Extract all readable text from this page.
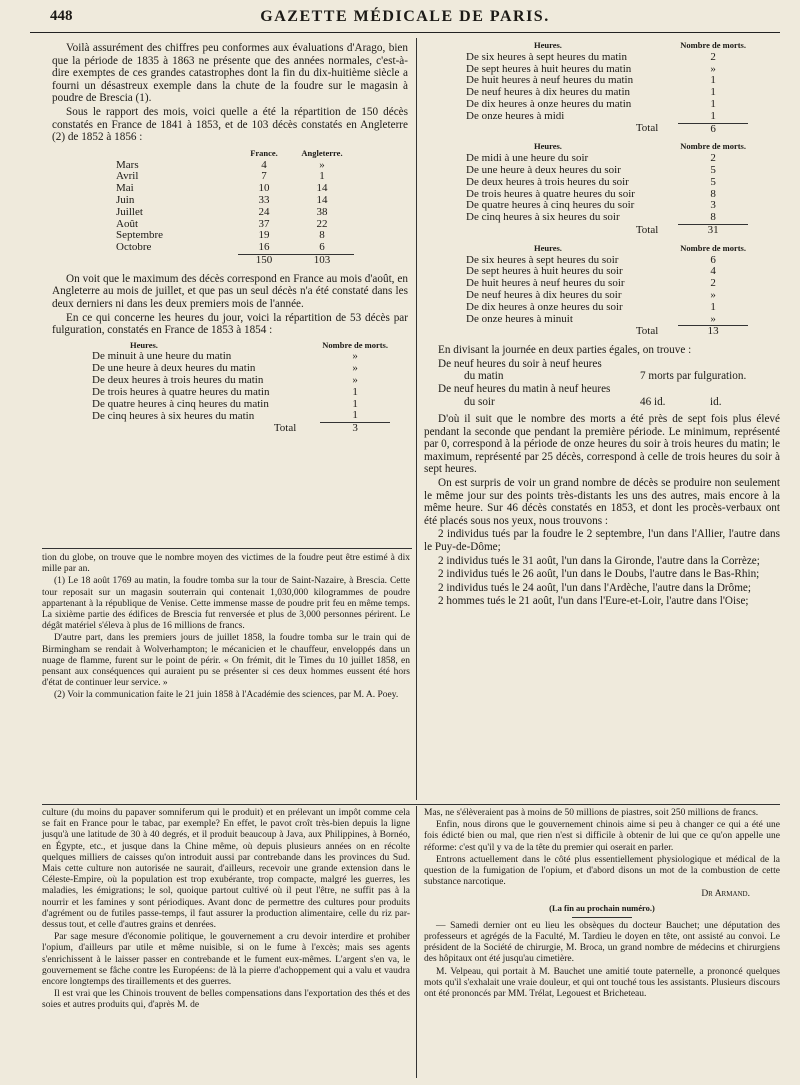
448	GAZETTE MÉDICALE DE PARIS.

Voilà assurément des chiffres peu conformes aux évaluations d'Arago, bien que la période de 1835 à 1863 ne présente que des années normales, c'est-à-dire exemptes de ces grandes catastrophes dont la fin du dix-huitième siècle a fourni un désastreux exemple dans la chute de la foudre sur le magasin à poudre de Brescia (1).

Sous le rapport des mois, voici quelle a été la répartition de 150 décès constatés en France de 1841 à 1853, et de 103 décès constatés en Angleterre (2) de 1852 à 1856 :

	France.	Angleterre.
Mars	4	»
Avril	7	1
Mai	10	14
Juin	33	14
Juillet	24	38
Août	37	22
Septembre	19	8
Octobre	16	6
	150	103

On voit que le maximum des décès correspond en France au mois d'août, en Angleterre au mois de juillet, et que pas un seul décès n'a été constaté dans les deux derniers ni dans les deux premiers mois de l'année.

En ce qui concerne les heures du jour, voici la répartition de 53 décès par fulguration, constatés en France de 1853 à 1854 :

Heures.	Nombre de morts.
De minuit à une heure du matin	»
De une heure à deux heures du matin	»
De deux heures à trois heures du matin	»
De trois heures à quatre heures du matin	1
De quatre heures à cinq heures du matin	1
De cinq heures à six heures du matin	1
Total	3

tion du globe, on trouve que le nombre moyen des victimes de la foudre peut être estimé à dix mille par an.

(1) Le 18 août 1769 au matin, la foudre tomba sur la tour de Saint-Nazaire, à Brescia. Cette tour reposait sur un magasin souterrain qui contenait 1,030,000 kilogrammes de poudre appartenant à la république de Venise. Cette immense masse de poudre prit feu en même temps. La sixième partie des édifices de Brescia fut renversée et plus de 3,000 personnes périrent. Le dégât matériel s'éleva à plus de 16 millions de francs.

D'autre part, dans les premiers jours de juillet 1858, la foudre tomba sur le train qui de Birmingham se rendait à Wolverhampton; le mécanicien et le chauffeur, enveloppés dans un nuage de flamme, furent sur le point de périr. « On frémit, dit le Times du 10 juillet 1858, en pensant aux conséquences qui auraient pu se présenter si ces deux hommes eussent été hors d'état de continuer leur service. »

(2) Voir la communication faite le 21 juin 1858 à l'Académie des sciences, par M. A. Poey.

Heures.	Nombre de morts.
De six heures à sept heures du matin	2
De sept heures à huit heures du matin	»
De huit heures à neuf heures du matin	1
De neuf heures à dix heures du matin	1
De dix heures à onze heures du matin	1
De onze heures à midi	1
Total	6
Heures.	Nombre de morts.
De midi à une heure du soir	2
De une heure à deux heures du soir	5
De deux heures à trois heures du soir	5
De trois heures à quatre heures du soir	8
De quatre heures à cinq heures du soir	3
De cinq heures à six heures du soir	8
Total	31
Heures.	Nombre de morts.
De six heures à sept heures du soir	6
De sept heures à huit heures du soir	4
De huit heures à neuf heures du soir	2
De neuf heures à dix heures du soir	»
De dix heures à onze heures du soir	1
De onze heures à minuit	»
Total	13

En divisant la journée en deux parties égales, on trouve :

De neuf heures du soir à neuf heures
du matin	7 morts par fulguration.
De neuf heures du matin à neuf heures
du soir	46 id.	id.

D'où il suit que le nombre des morts a été près de sept fois plus élevé pendant la seconde que pendant la première période. Le minimum, représenté par 0, correspond à la période de onze heures du soir à trois heures du matin; le maximum, représenté par 25 décès, correspond à celle de trois heures du soir à sept heures.

On est surpris de voir un grand nombre de décès se produire non seulement le même jour sur des points très-distants les uns des autres, mais encore à la même heure. Sur 46 décès constatés en 1853, et dont les procès-verbaux ont été placés sous nos yeux, nous trouvons :

2 individus tués par la foudre le 2 septembre, l'un dans l'Allier, l'autre dans le Puy-de-Dôme;

2 individus tués le 31 août, l'un dans la Gironde, l'autre dans la Corrèze;

2 individus tués le 26 août, l'un dans le Doubs, l'autre dans le Bas-Rhin;

2 individus tués le 24 août, l'un dans l'Ardèche, l'autre dans la Drôme;

2 hommes tués le 21 août, l'un dans l'Eure-et-Loir, l'autre dans l'Oise;

culture (du moins du papaver somniferum qui le produit) et en prélevant un impôt comme cela se fait en France pour le tabac, par exemple? En effet, le pavot croît très-bien depuis la ligne jusqu'à une latitude de 30 à 40 degrés, et il produit beaucoup à Java, aux Philippines, à Bornéo, en Égypte, etc., et jusque dans la Chine même, où depuis plusieurs années on en récolte quelques milliers de caisses qu'on introduit aussi par contrebande dans les provinces du Sud. Mais cette culture non autorisée ne saurait, d'ailleurs, recevoir une grande extension dans le Céleste-Empire, où la population est trop exubérante, trop compacte, malgré les guerres, les maladies, les émigrations; le sol, quoique partout cultivé où il peut l'être, ne suffit pas à la nourrir et les famines y sont périodiques. Avant donc de permettre des cultures pour produits d'agrément ou de futiles passe-temps, il faut assurer la production alimentaire, celle du riz par-dessus tout, et celle d'autres grains et denrées.

Par sage mesure d'économie politique, le gouvernement a cru devoir interdire et prohiber l'opium, d'ailleurs par utile et même nuisible, si on le fume à l'excès; mais ses agents s'enrichissent à le laisser passer en contrebande et le fument eux-mêmes. L'argent s'en va, le gouvernement se fâche contre les Européens: de là la pierre d'achoppement qui a valu et vaudra encore longtemps des tiraillements et des guerres.

Il est vrai que les Chinois trouvent de belles compensations dans l'exportation des thés et des soies et autres produits qui, d'après M. de

Mas, ne s'élèveraient pas à moins de 50 millions de piastres, soit 250 millions de francs.

Enfin, nous dirons que le gouvernement chinois aime si peu à changer ce qui a été une fois édicté bien ou mal, que rien n'est si difficile à obtenir de lui que ce qu'on appelle une réforme: c'est qu'il y va de la tête du premier qui oserait en parler.

Entrons actuellement dans le côté plus essentiellement physiologique et médical de la question de la fumigation de l'opium, et d'abord disons un mot de la combustion de cette substance narcotique.

Dr Armand.
(La fin au prochain numéro.)

— Samedi dernier ont eu lieu les obsèques du docteur Bauchet; une députation des professeurs et agrégés de la Faculté, M. Tardieu le doyen en tête, ont assisté au convoi. Le président de la Société de chirurgie, M. Broca, un grand nombre de médecins et chirurgiens des hôpitaux ont été jusqu'au cimetière.

M. Velpeau, qui portait à M. Bauchet une amitié toute paternelle, a prononcé quelques mots qu'il s'exhalait une vraie douleur, et qui ont touché tous les assistants. Plusieurs discours ont été prononcés par MM. Trélat, Legouest et Bricheteau.
